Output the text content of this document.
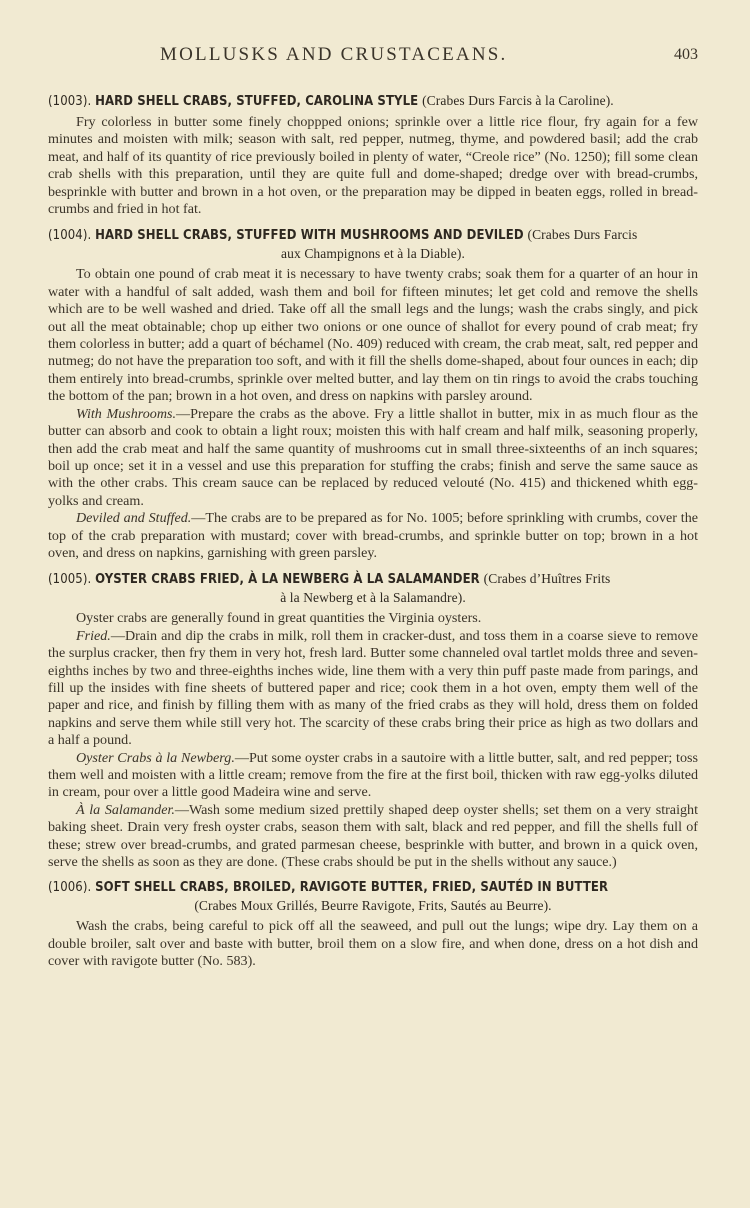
MOLLUSKS AND CRUSTACEANS.	403
(1003). HARD SHELL CRABS, STUFFED, CAROLINA STYLE (Crabes Durs Farcis à la Caroline).

Fry colorless in butter some finely choppped onions; sprinkle over a little rice flour, fry again for a few minutes and moisten with milk; season with salt, red pepper, nutmeg, thyme, and powdered basil; add the crab meat, and half of its quantity of rice previously boiled in plenty of water, “Creole rice” (No. 1250); fill some clean crab shells with this preparation, until they are quite full and dome-shaped; dredge over with bread-crumbs, besprinkle with butter and brown in a hot oven, or the preparation may be dipped in beaten eggs, rolled in bread-crumbs and fried in hot fat.

(1004). HARD SHELL CRABS, STUFFED WITH MUSHROOMS AND DEVILED (Crabes Durs Farcis
aux Champignons et à la Diable).

To obtain one pound of crab meat it is necessary to have twenty crabs; soak them for a quarter of an hour in water with a handful of salt added, wash them and boil for fifteen minutes; let get cold and remove the shells which are to be well washed and dried. Take off all the small legs and the lungs; wash the crabs singly, and pick out all the meat obtainable; chop up either two onions or one ounce of shallot for every pound of crab meat; fry them colorless in butter; add a quart of béchamel (No. 409) reduced with cream, the crab meat, salt, red pepper and nutmeg; do not have the preparation too soft, and with it fill the shells dome-shaped, about four ounces in each; dip them entirely into bread-crumbs, sprinkle over melted butter, and lay them on tin rings to avoid the crabs touching the bottom of the pan; brown in a hot oven, and dress on napkins with parsley around.

With Mushrooms.—Prepare the crabs as the above. Fry a little shallot in butter, mix in as much flour as the butter can absorb and cook to obtain a light roux; moisten this with half cream and half milk, seasoning properly, then add the crab meat and half the same quantity of mushrooms cut in small three-sixteenths of an inch squares; boil up once; set it in a vessel and use this preparation for stuffing the crabs; finish and serve the same sauce as with the other crabs. This cream sauce can be replaced by reduced velouté (No. 415) and thickened whith egg-yolks and cream.

Deviled and Stuffed.—The crabs are to be prepared as for No. 1005; before sprinkling with crumbs, cover the top of the crab preparation with mustard; cover with bread-crumbs, and sprinkle butter on top; brown in a hot oven, and dress on napkins, garnishing with green parsley.

(1005). OYSTER CRABS FRIED, À LA NEWBERG À LA SALAMANDER (Crabes d’Huîtres Frits
à la Newberg et à la Salamandre).

Oyster crabs are generally found in great quantities the Virginia oysters.

Fried.—Drain and dip the crabs in milk, roll them in cracker-dust, and toss them in a coarse sieve to remove the surplus cracker, then fry them in very hot, fresh lard. Butter some channeled oval tartlet molds three and seven-eighths inches by two and three-eighths inches wide, line them with a very thin puff paste made from parings, and fill up the insides with fine sheets of buttered paper and rice; cook them in a hot oven, empty them well of the paper and rice, and finish by filling them with as many of the fried crabs as they will hold, dress them on folded napkins and serve them while still very hot. The scarcity of these crabs bring their price as high as two dollars and a half a pound.

Oyster Crabs à la Newberg.—Put some oyster crabs in a sautoire with a little butter, salt, and red pepper; toss them well and moisten with a little cream; remove from the fire at the first boil, thicken with raw egg-yolks diluted in cream, pour over a little good Madeira wine and serve.

À la Salamander.—Wash some medium sized prettily shaped deep oyster shells; set them on a very straight baking sheet. Drain very fresh oyster crabs, season them with salt, black and red pepper, and fill the shells full of these; strew over bread-crumbs, and grated parmesan cheese, besprinkle with butter, and brown in a quick oven, serve the shells as soon as they are done. (These crabs should be put in the shells without any sauce.)

(1006). SOFT SHELL CRABS, BROILED, RAVIGOTE BUTTER, FRIED, SAUTÉD IN BUTTER
(Crabes Moux Grillés, Beurre Ravigote, Frits, Sautés au Beurre).

Wash the crabs, being careful to pick off all the seaweed, and pull out the lungs; wipe dry. Lay them on a double broiler, salt over and baste with butter, broil them on a slow fire, and when done, dress on a hot dish and cover with ravigote butter (No. 583).
